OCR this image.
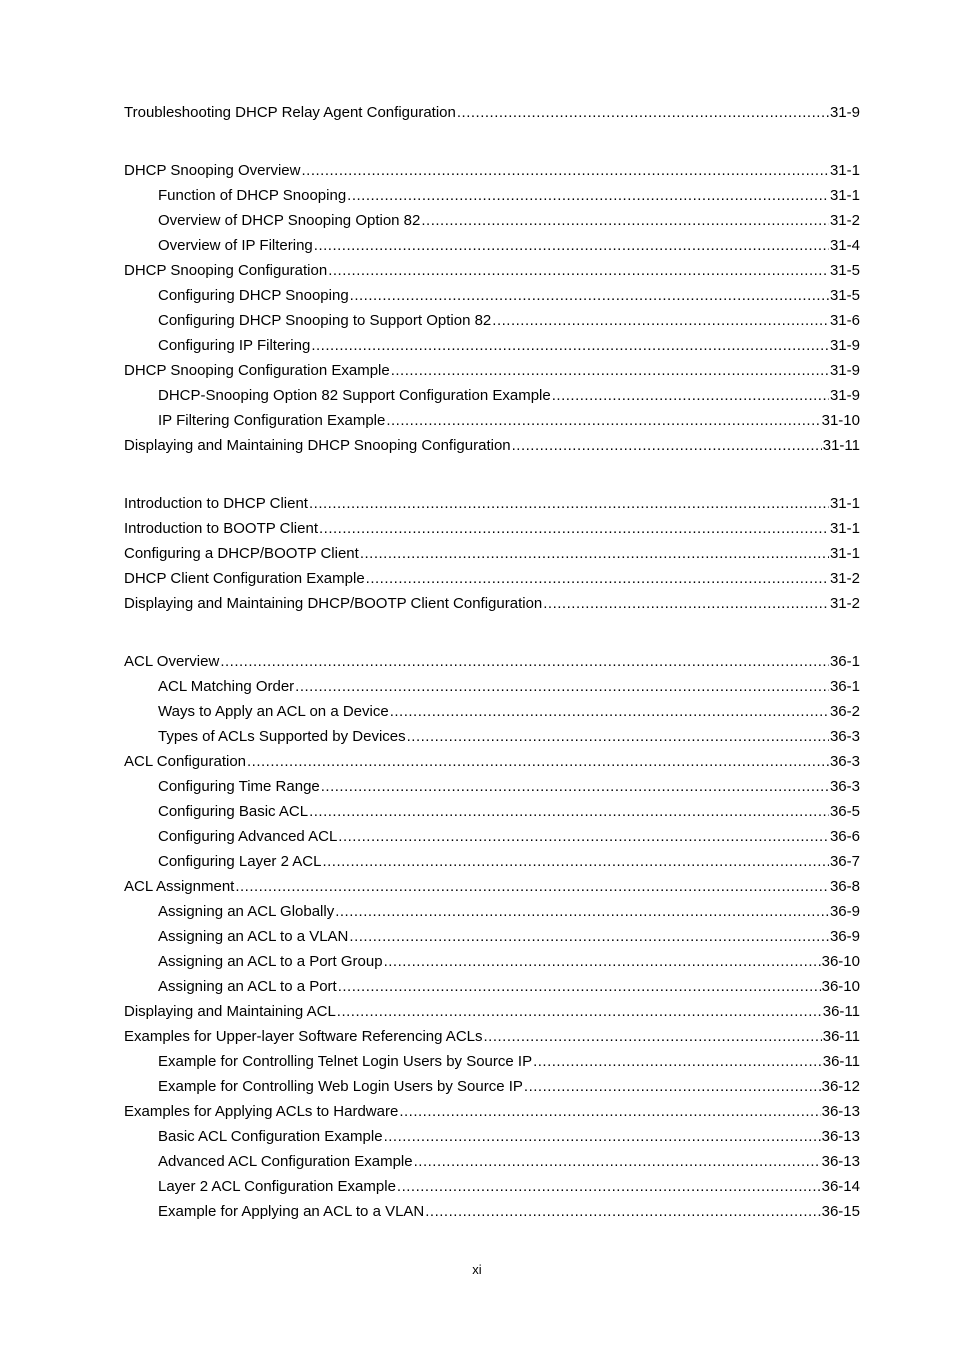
Troubleshooting DHCP Relay Agent Configuration .....	31-9
DHCP Snooping Overview .....	31-1
Function of DHCP Snooping .....	31-1
Overview of DHCP Snooping Option 82 .....	31-2
Overview of IP Filtering .....	31-4
DHCP Snooping Configuration .....	31-5
Configuring DHCP Snooping .....	31-5
Configuring DHCP Snooping to Support Option 82 .....	31-6
Configuring IP Filtering .....	31-9
DHCP Snooping Configuration Example .....	31-9
DHCP-Snooping Option 82 Support Configuration Example .....	31-9
IP Filtering Configuration Example .....	31-10
Displaying and Maintaining DHCP Snooping Configuration .....	31-11
Introduction to DHCP Client .....	31-1
Introduction to BOOTP Client .....	31-1
Configuring a DHCP/BOOTP Client .....	31-1
DHCP Client Configuration Example .....	31-2
Displaying and Maintaining DHCP/BOOTP Client Configuration .....	31-2
ACL Overview .....	36-1
ACL Matching Order .....	36-1
Ways to Apply an ACL on a Device .....	36-2
Types of ACLs Supported by Devices .....	36-3
ACL Configuration .....	36-3
Configuring Time Range .....	36-3
Configuring Basic ACL .....	36-5
Configuring Advanced ACL .....	36-6
Configuring Layer 2 ACL .....	36-7
ACL Assignment .....	36-8
Assigning an ACL Globally .....	36-9
Assigning an ACL to a VLAN .....	36-9
Assigning an ACL to a Port Group .....	36-10
Assigning an ACL to a Port .....	36-10
Displaying and Maintaining ACL .....	36-11
Examples for Upper-layer Software Referencing ACLs .....	36-11
Example for Controlling Telnet Login Users by Source IP .....	36-11
Example for Controlling Web Login Users by Source IP .....	36-12
Examples for Applying ACLs to Hardware .....	36-13
Basic ACL Configuration Example .....	36-13
Advanced ACL Configuration Example .....	36-13
Layer 2 ACL Configuration Example .....	36-14
Example for Applying an ACL to a VLAN .....	36-15
xi
